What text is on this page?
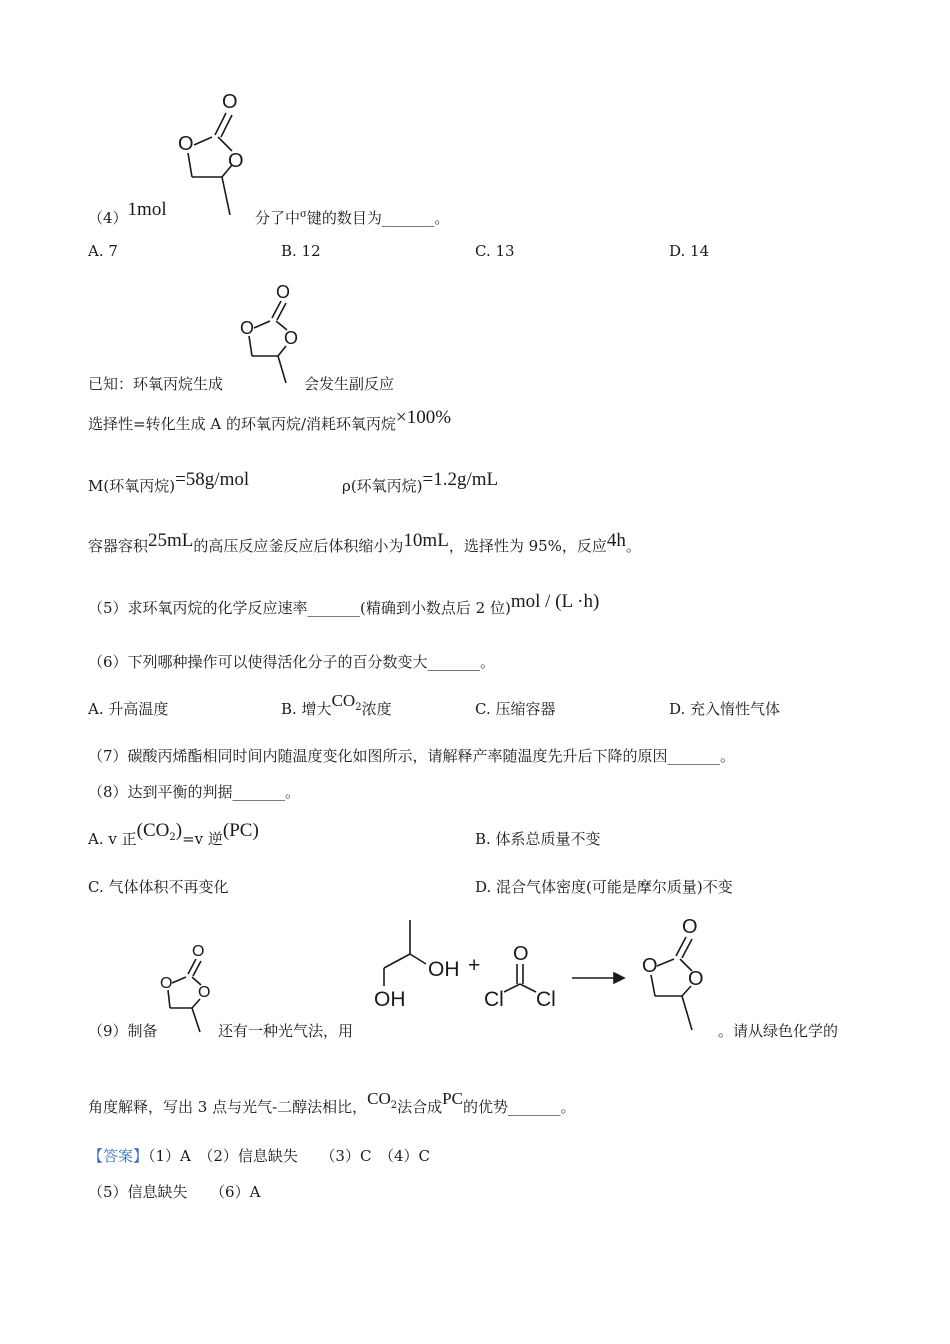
O
O
O
（4）1mol	分了中$^\sigma$键的数目为_______。
A. 7	B. 12	C. 13	D. 14
O
O O
已知：环氧丙烷生成	会发生副反应
选择性=转化生成 A 的环氧丙烷/消耗环氧丙烷×100%
M(环氧丙烷)=58g/mol	ρ(环氧丙烷)=1.2g/mL
容器容积25mL的高压反应釜反应后体积缩小为10mL，选择性为 95%，反应4h。
（5）求环氧丙烷的化学反应速率_______(精确到小数点后 2 位)mol / (L ·h)
（6）下列哪种操作可以使得活化分子的百分数变大_______。
A. 升高温度	B. 增大$CO^2$浓度	C. 压缩容器	D. 充入惰性气体
（7）碳酸丙烯酯相同时间内随温度变化如图所示，请解释产率随温度先升后下降的原因_______。
（8）达到平衡的判据_______。
A. v 正$(CO^2)=v$ 逆(PC)	B. 体系总质量不变
C. 气体体积不再变化	D. 混合气体密度(可能是摩尔质量)不变
O
O
O
（9）制备	还有一种光气法，用
OH
OH
+ O
Cl Cl
O
O
O
。请从绿色化学的
角度解释，写出 3 点与光气-二醇法相比，$CO^2$法合成PC的优势_______。
【答案】（1）A　（2）信息缺失　　（3）C　（4）C
（5）信息缺失　　（6）A
